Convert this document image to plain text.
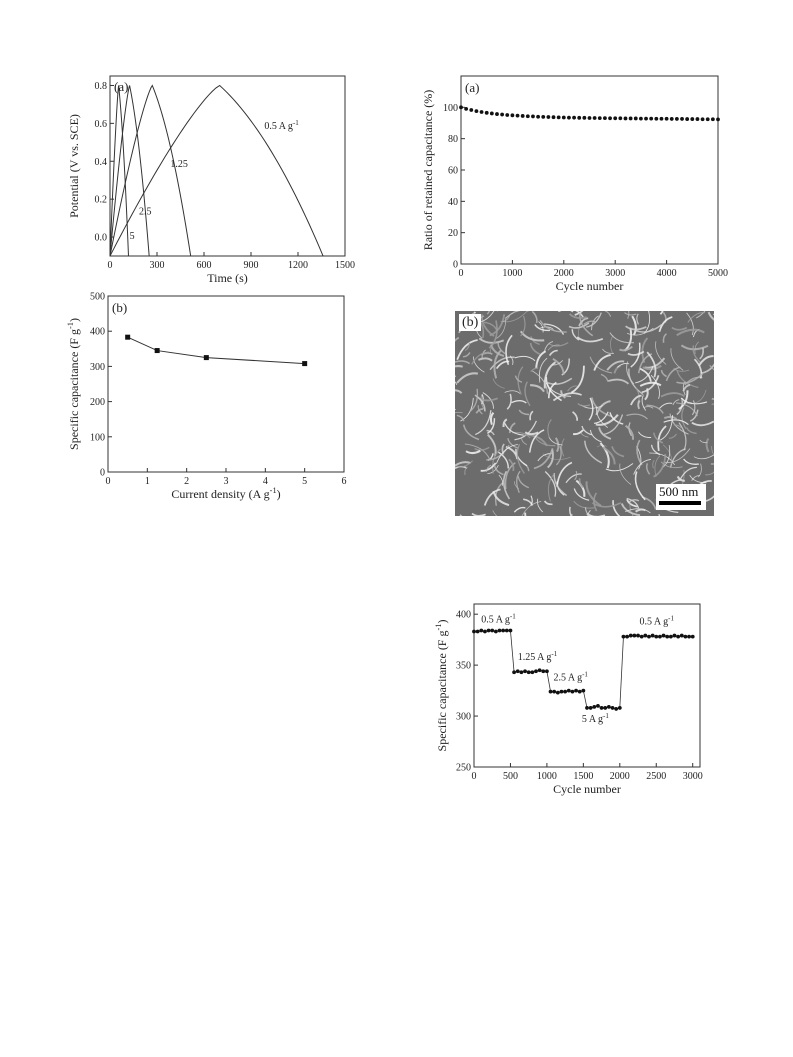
0	300	600	900	1200	1500
0.0
0.2
0.4
0.6
0.8 (a)
0.5 A $g^{-1}$
1.25
2.5
5
Time (s)
Potential (V vs. SCE)
0	1	2	3	4	5	6
0
100
200
300
400
500
(b)
Current density (A $g^{-1}$)
Specific capacitance (F $g^{-1}$)
0	1000	2000	3000	4000	5000
0
20
40
60
80
100
(a)
Cycle number
Ratio of retained capacitance (%)
(b)
500 nm
0	500 1000 1500 2000 2500 3000
250
300
350
400 0.5 A $g^{-1}$
1.25 A $g^{-1}$
2.5 A $g^{-1}$
5 A $g^{-1}$
0.5 A $g^{-1}$
Cycle number
Specific capacitance (F $g^{-1}$)
